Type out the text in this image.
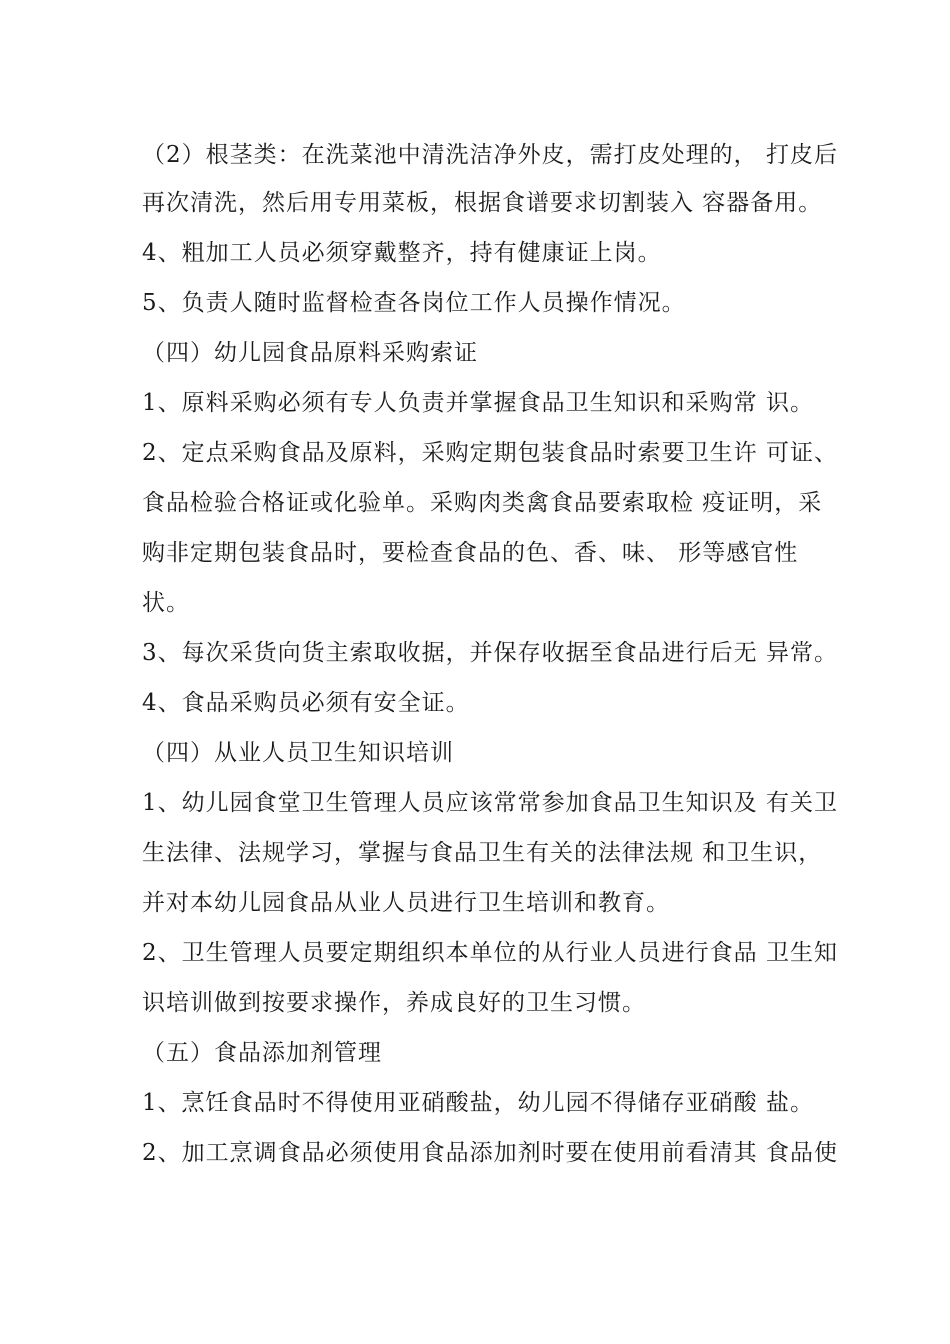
（2）根茎类：在洗菜池中清洗洁净外皮，需打皮处理的， 打皮后
再次清洗，然后用专用菜板，根据食谱要求切割装入 容器备用。
4、粗加工人员必须穿戴整齐，持有健康证上岗。
5、负责人随时监督检查各岗位工作人员操作情况。
（四）幼儿园食品原料采购索证
1、原料采购必须有专人负责并掌握食品卫生知识和采购常 识。
2、定点采购食品及原料，采购定期包装食品时索要卫生许 可证、
食品检验合格证或化验单。采购肉类禽食品要索取检 疫证明，采
购非定期包装食品时，要检查食品的色、香、味、 形等感官性
状。
3、每次采货向货主索取收据，并保存收据至食品进行后无 异常。
4、食品采购员必须有安全证。
（四）从业人员卫生知识培训
1、幼儿园食堂卫生管理人员应该常常参加食品卫生知识及 有关卫
生法律、法规学习，掌握与食品卫生有关的法律法规 和卫生识，
并对本幼儿园食品从业人员进行卫生培训和教育。
2、卫生管理人员要定期组织本单位的从行业人员进行食品 卫生知
识培训做到按要求操作，养成良好的卫生习惯。
（五）食品添加剂管理
1、烹饪食品时不得使用亚硝酸盐，幼儿园不得储存亚硝酸 盐。
2、加工烹调食品必须使用食品添加剂时要在使用前看清其 食品使
